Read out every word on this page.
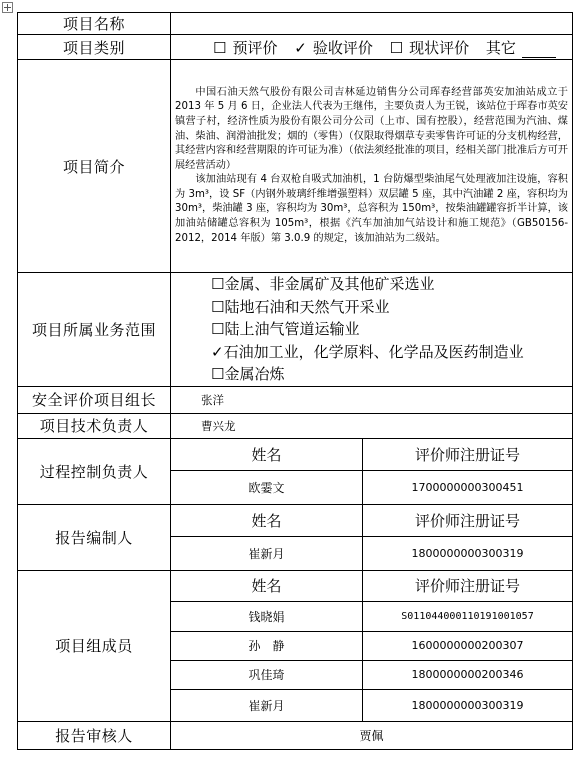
项目名称		
项目类别	☐ 预评价 ✓ 验收评价 ☐ 现状评价 其它	
项目简介	中国石油天然气股份有限公司吉林延边销售分公司珲春经营部英安加油站成立于 2013 年 5 月 6 日，企业法人代表为王继伟，主要负责人为王锐，该站位于珲春市英安镇营子村，经济性质为股份有限公司分公司（上市、国有控股），经营范围为汽油、煤油、柴油、润滑油批发；烟的（零售）（仅限取得烟草专卖零售许可证的分支机构经营，其经营内容和经营期限的许可证为准）（依法须经批准的项目，经相关部门批准后方可开展经营活动）

该加油站现有 4 台双枪自吸式加油机，1 台防爆型柴油尾气处理液加注设施，容积为 3m³，设 SF（内钢外玻璃纤维增强塑料）双层罐 5 座，其中汽油罐 2 座，容积均为 30m³，柴油罐 3 座，容积均为 30m³，总容积为 150m³，按柴油罐罐容折半计算，该加油站储罐总容积为 105m³，根据《汽车加油加气站设计和施工规范》（GB50156-2012，2014 年版）第 3.0.9 的规定，该加油站为二级站。	

项目所属业务范围	☐金属、非金属矿及其他矿采选业
☐陆地石油和天然气开采业
☐陆上油气管道运输业
✓石油加工业，化学原料、化学品及医药制造业
☐金属冶炼	

安全评价项目组长	张洋	
项目技术负责人	曹兴龙	
过程控制负责人	姓名	评价师注册证号
	欧霎文	1700000000300451
报告编制人	姓名	评价师注册证号
	崔新月	1800000000300319
项目组成员	姓名	评价师注册证号
	钱晓娟	S011044000110191001057
	孙　静	1600000000200307
	巩佳琦	1800000000200346
	崔新月	1800000000300319
报告审核人	贾佩	
